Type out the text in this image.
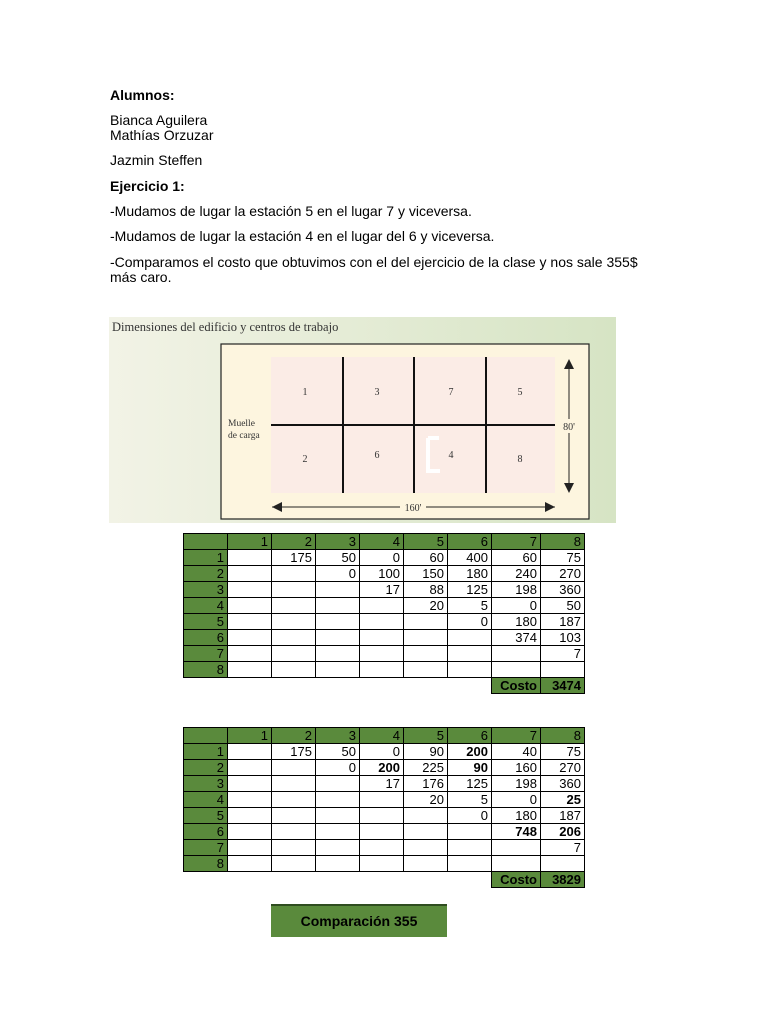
Alumnos:

Bianca Aguilera

Mathías Orzuzar

Jazmin Steffen

Ejercicio 1:

-Mudamos de lugar la estación 5 en el lugar 7 y viceversa.

-Mudamos de lugar la estación 4 en el lugar del 6 y viceversa.

-Comparamos el costo que obtuvimos con el del ejercicio de la clase y nos sale 355$

más caro.

Dimensiones del edificio y centros de trabajo
1	3	7	5
2	6	4	8
Muelle
de carga
80'
160'
	1	2	3	4	5	6	7	8
1		175	50	0	60	400	60	75
2			0	100	150	180	240	270
3				17	88	125	198	360
4					20	5	0	50
5						0	180	187
6							374	103
7								7
8								
							Costo	3474
	1	2	3	4	5	6	7	8
1		175	50	0	90	200	40	75
2			0	200	225	90	160	270
3				17	176	125	198	360
4					20	5	0	25
5						0	180	187
6							748	206
7								7
8								
							Costo	3829
Comparación 355
